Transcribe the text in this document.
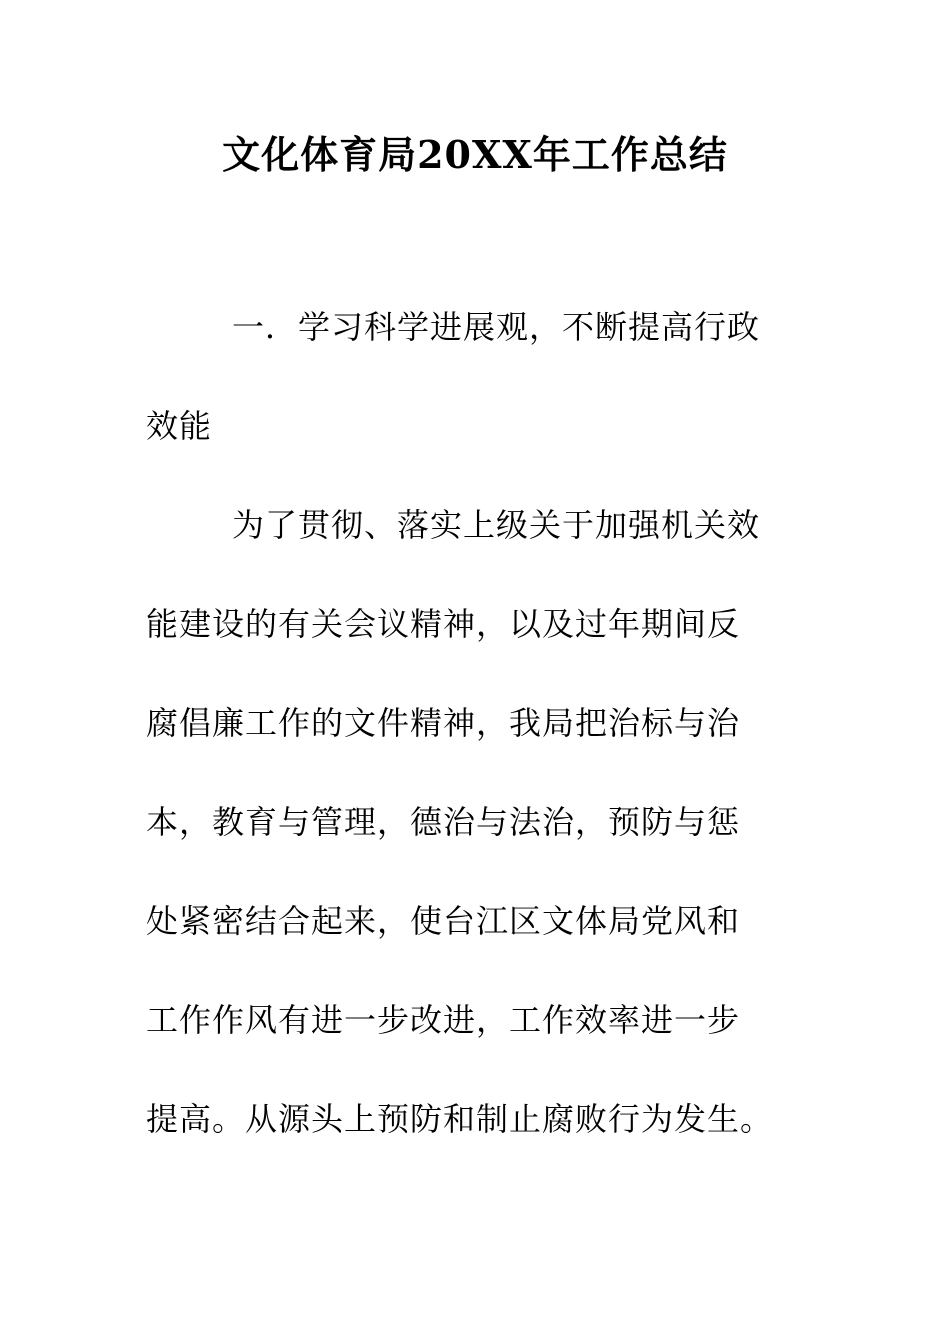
文化体育局20XX年工作总结
一．学习科学进展观，不断提高行政
效能
为了贯彻、落实上级关于加强机关效
能建设的有关会议精神，以及过年期间反
腐倡廉工作的文件精神，我局把治标与治
本，教育与管理，德治与法治，预防与惩
处紧密结合起来，使台江区文体局党风和
工作作风有进一步改进，工作效率进一步
提高。从源头上预防和制止腐败行为发生。
